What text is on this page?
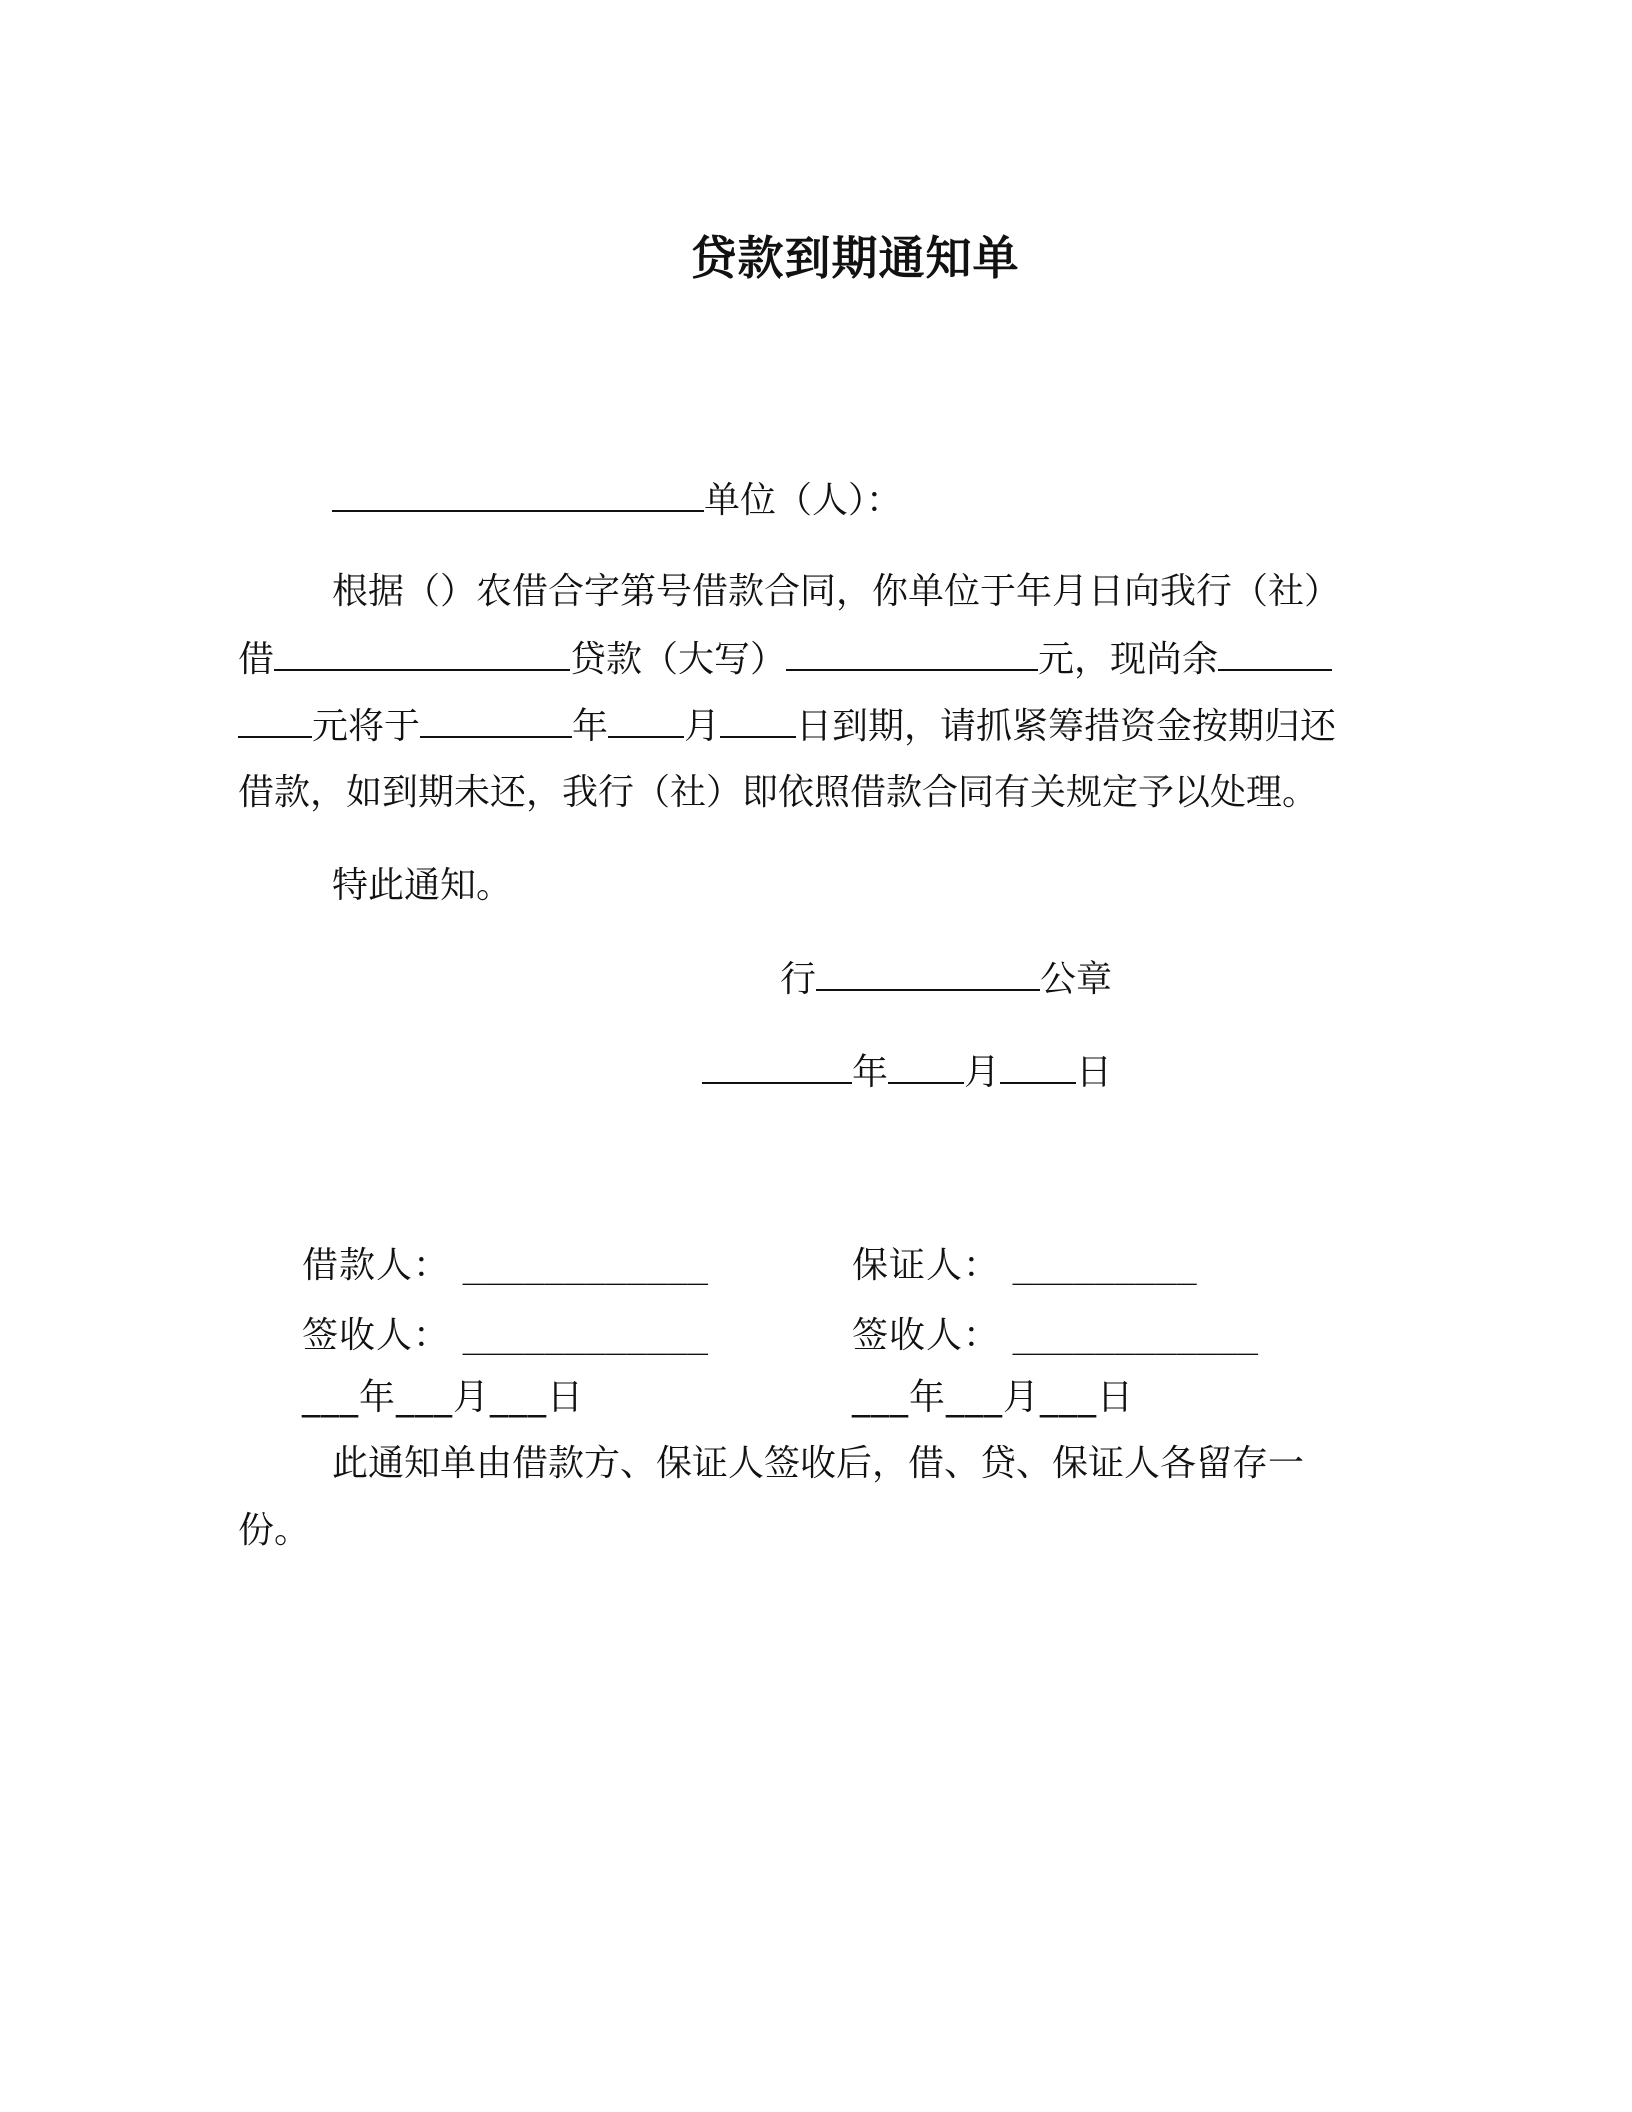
贷款到期通知单
单位（人）：
根据（）农借合字第号借款合同，你单位于年月日向我行（社）
借	贷款（大写）	元，现尚余
元将于	年 月 日到期，请抓紧筹措资金按期归还
借款，如到期未还，我行（社）即依照借款合同有关规定予以处理。
特此通知。
行	公章
年 月 日
借款人： ____________	保证人： _________
签收人： ____________	签收人： ____________
___年___月___日	___年___月___日
此通知单由借款方、保证人签收后，借、贷、保证人各留存一
份。
